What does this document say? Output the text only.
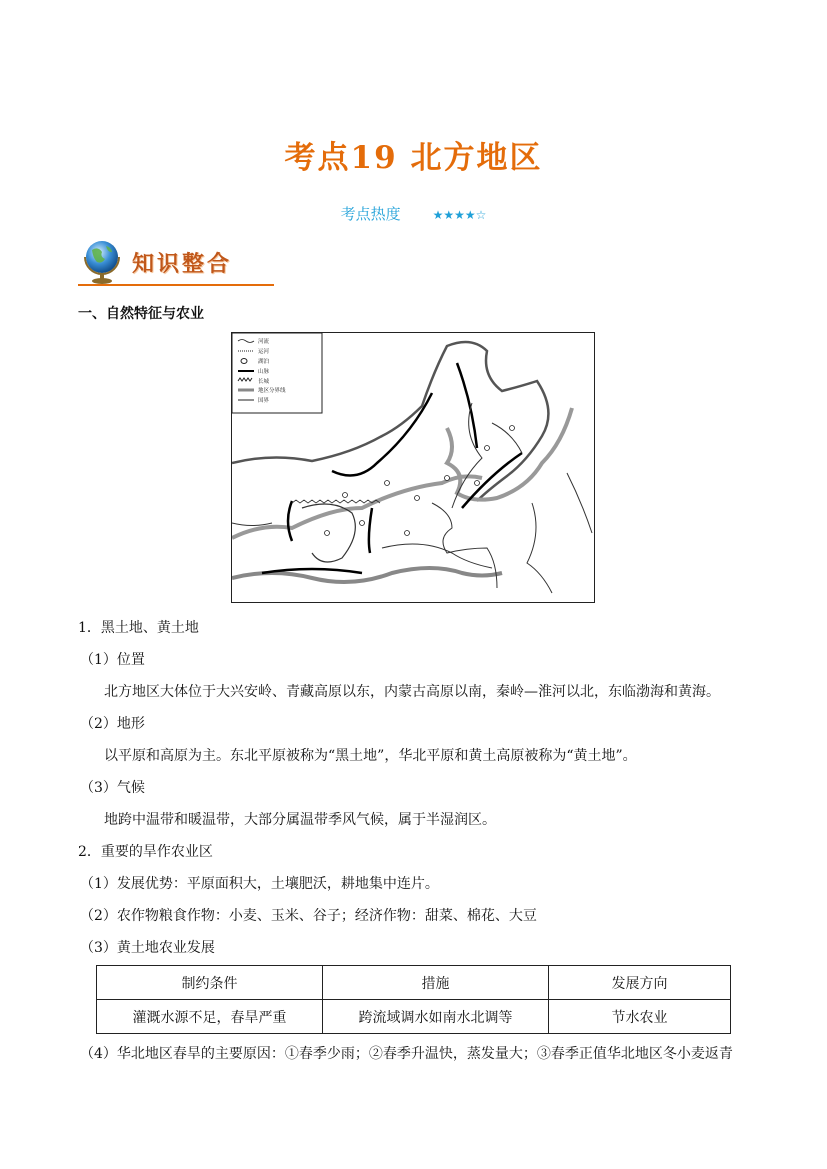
考点19 北方地区
考点热度	★★★★☆
知识整合
一、自然特征与农业
河流
运河
湖泊
山脉
长城
地区分界线
国界
1．黑土地、黄土地
（1）位置
北方地区大体位于大兴安岭、青藏高原以东，内蒙古高原以南，秦岭—淮河以北，东临渤海和黄海。
（2）地形
以平原和高原为主。东北平原被称为“黑土地”，华北平原和黄土高原被称为“黄土地”。
（3）气候
地跨中温带和暖温带，大部分属温带季风气候，属于半湿润区。
2．重要的旱作农业区
（1）发展优势：平原面积大，土壤肥沃，耕地集中连片。
（2）农作物粮食作物：小麦、玉米、谷子；经济作物：甜菜、棉花、大豆
（3）黄土地农业发展
制约条件	措施	发展方向
灌溉水源不足，春旱严重	跨流域调水如南水北调等	节水农业
（4）华北地区春旱的主要原因：①春季少雨；②春季升温快，蒸发量大；③春季正值华北地区冬小麦返青
